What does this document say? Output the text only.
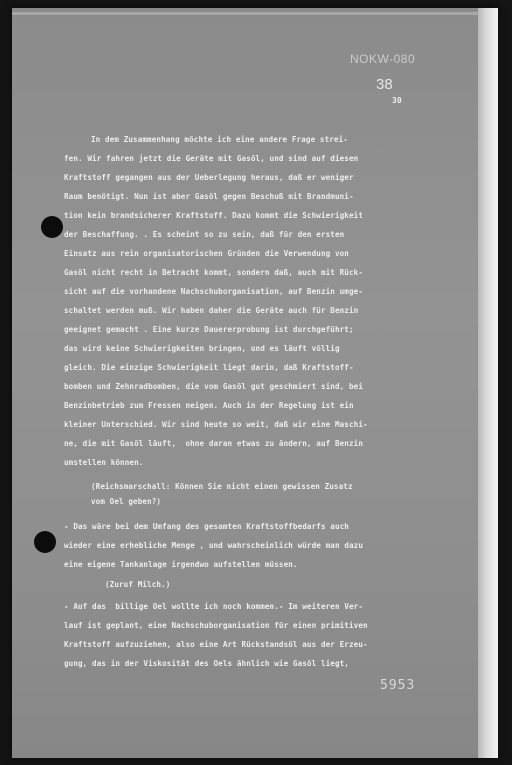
NOKW-080
38
30
In dem Zusammenhang möchte ich eine andere Frage strei-
fen. Wir fahren jetzt die Geräte mit Gasöl, und sind auf diesen
Kraftstoff gegangen aus der Ueberlegung heraus, daß er weniger
Raum benötigt. Nun ist aber Gasöl gegen Beschuß mit Brandmuni-
tion kein brandsicherer Kraftstoff. Dazu kommt die Schwierigkeit
der Beschaffung. . Es scheint so zu sein, daß für den ersten
Einsatz aus rein organisatorischen Gründen die Verwendung von
Gasöl nicht recht in Betracht kommt, sondern daß, auch mit Rück-
sicht auf die vorhandene Nachschuborganisation, auf Benzin umge-
schaltet werden muß. Wir haben daher die Geräte auch für Benzin
geeignet gemacht . Eine kurze Dauererprobung ist durchgeführt;
das wird keine Schwierigkeiten bringen, und es läuft völlig
gleich. Die einzige Schwierigkeit liegt darin, daß Kraftstoff-
bomben und Zehnradbomben, die vom Gasöl gut geschmiert sind, bei
Benzinbetrieb zum Fressen neigen. Auch in der Regelung ist ein
kleiner Unterschied. Wir sind heute so weit, daß wir eine Maschi-
ne, die mit Gasöl läuft,  ohne daran etwas zu ändern, auf Benzin
umstellen können.
(Reichsmarschall: Können Sie nicht einen gewissen Zusatz
vom Oel geben?)
- Das wäre bei dem Umfang des gesamten Kraftstoffbedarfs auch
wieder eine erhebliche Menge , und wahrscheinlich würde man dazu
eine eigene Tankanlage irgendwo aufstellen müssen.
(Zuruf Milch.)
- Auf das  billige Oel wollte ich noch kommen.- Im weiteren Ver-
lauf ist geplant, eine Nachschuborganisation für einen primitiven
Kraftstoff aufzuziehen, also eine Art Rückstandsöl aus der Erzeu-
gung, das in der Viskosität des Oels ähnlich wie Gasöl liegt,
5953
